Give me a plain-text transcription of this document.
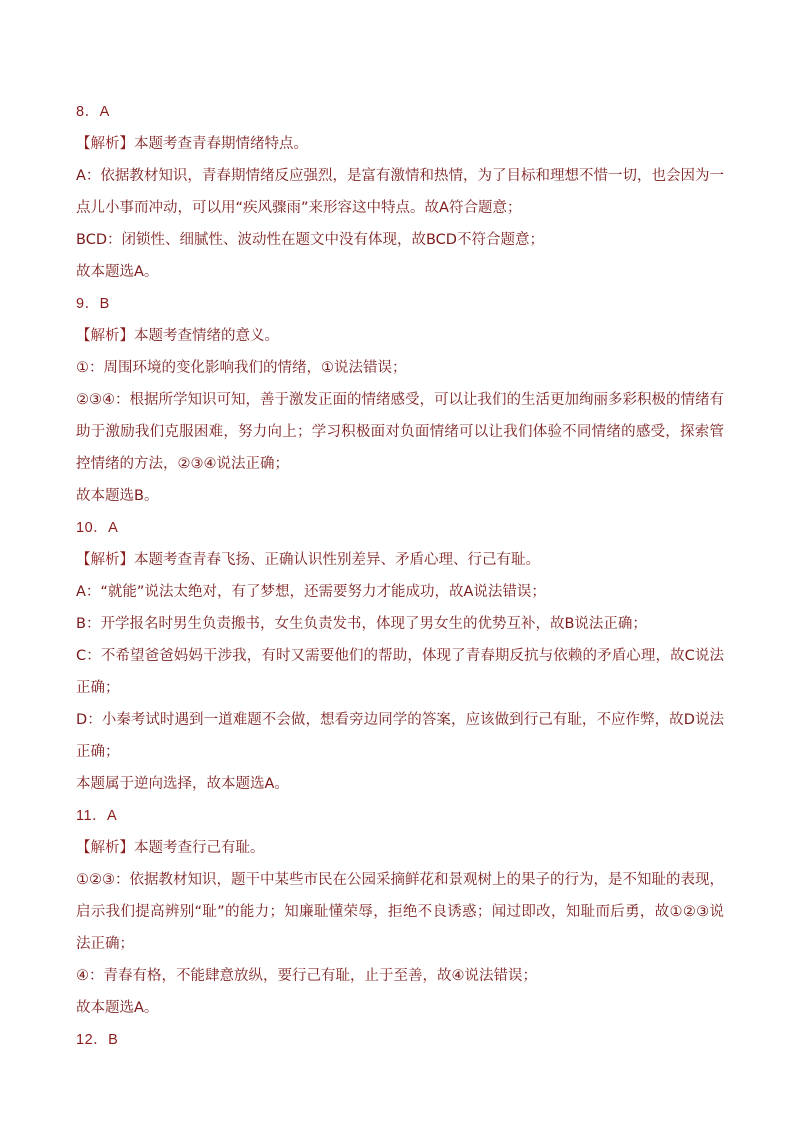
8．A

【解析】本题考查青春期情绪特点。

A：依据教材知识，青春期情绪反应强烈，是富有激情和热情，为了目标和理想不惜一切，也会因为一点儿小事而冲动，可以用“疾风骤雨”来形容这中特点。故A符合题意；

BCD：闭锁性、细腻性、波动性在题文中没有体现，故BCD不符合题意；

故本题选A。

9．B

【解析】本题考查情绪的意义。

①：周围环境的变化影响我们的情绪，①说法错误；

②③④：根据所学知识可知，善于激发正面的情绪感受，可以让我们的生活更加绚丽多彩积极的情绪有助于激励我们克服困难，努力向上；学习积极面对负面情绪可以让我们体验不同情绪的感受，探索管控情绪的方法，②③④说法正确；

故本题选B。

10．A

【解析】本题考查青春飞扬、正确认识性别差异、矛盾心理、行己有耻。

A：“就能”说法太绝对，有了梦想，还需要努力才能成功，故A说法错误；

B：开学报名时男生负责搬书，女生负责发书，体现了男女生的优势互补，故B说法正确；

C：不希望爸爸妈妈干涉我，有时又需要他们的帮助，体现了青春期反抗与依赖的矛盾心理，故C说法正确；

D：小秦考试时遇到一道难题不会做，想看旁边同学的答案，应该做到行己有耻，不应作弊，故D说法正确；

本题属于逆向选择，故本题选A。

11．A

【解析】本题考查行己有耻。

①②③：依据教材知识，题干中某些市民在公园采摘鲜花和景观树上的果子的行为，是不知耻的表现，启示我们提高辨别“耻”的能力；知廉耻懂荣辱，拒绝不良诱惑；闻过即改，知耻而后勇，故①②③说法正确；

④：青春有格，不能肆意放纵，要行己有耻，止于至善，故④说法错误；

故本题选A。

12．B
